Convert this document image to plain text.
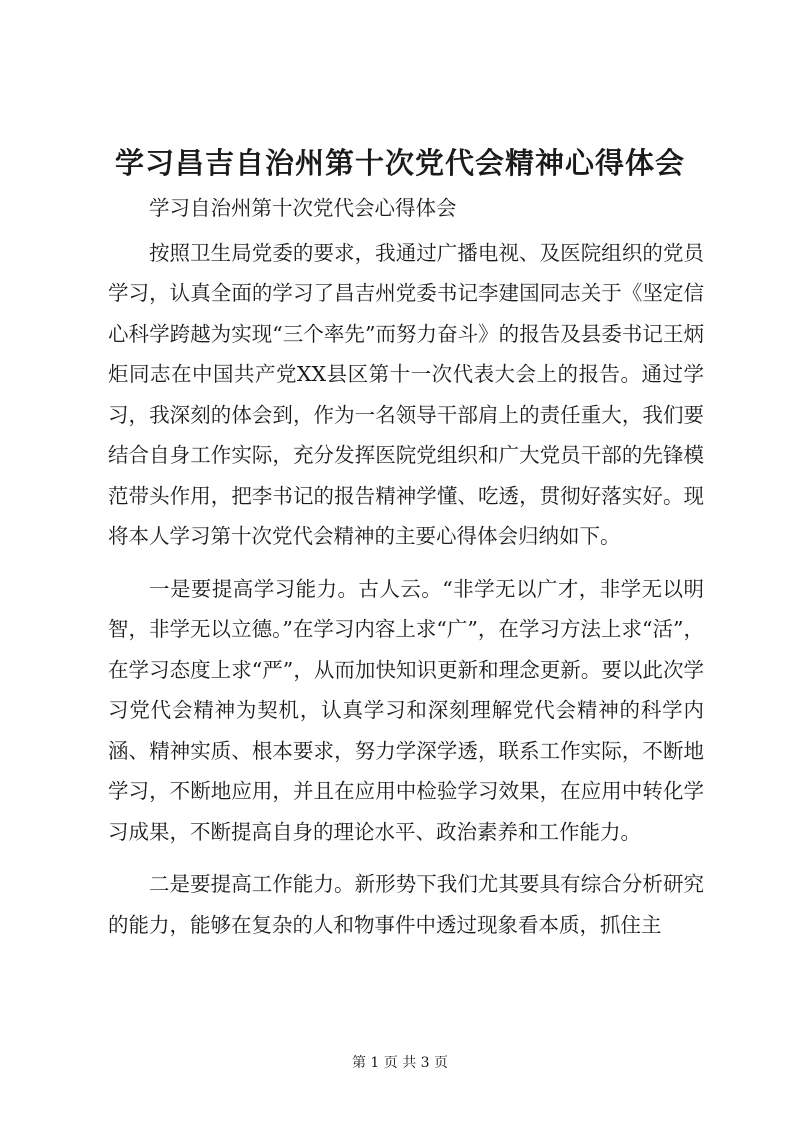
学习昌吉自治州第十次党代会精神心得体会

学习自治州第十次党代会心得体会

按照卫生局党委的要求，我通过广播电视、及医院组织的党员学习，认真全面的学习了昌吉州党委书记李建国同志关于《坚定信心科学跨越为实现“三个率先”而努力奋斗》的报告及县委书记王炳炬同志在中国共产党XX县区第十一次代表大会上的报告。通过学习，我深刻的体会到，作为一名领导干部肩上的责任重大，我们要结合自身工作实际，充分发挥医院党组织和广大党员干部的先锋模范带头作用，把李书记的报告精神学懂、吃透，贯彻好落实好。现将本人学习第十次党代会精神的主要心得体会归纳如下。

一是要提高学习能力。古人云。“非学无以广才，非学无以明智，非学无以立德。”在学习内容上求“广”，在学习方法上求“活”，在学习态度上求“严”，从而加快知识更新和理念更新。要以此次学习党代会精神为契机，认真学习和深刻理解党代会精神的科学内涵、精神实质、根本要求，努力学深学透，联系工作实际，不断地学习，不断地应用，并且在应用中检验学习效果，在应用中转化学习成果，不断提高自身的理论水平、政治素养和工作能力。

二是要提高工作能力。新形势下我们尤其要具有综合分析研究的能力，能够在复杂的人和物事件中透过现象看本质，抓住主

第 1 页 共 3 页
